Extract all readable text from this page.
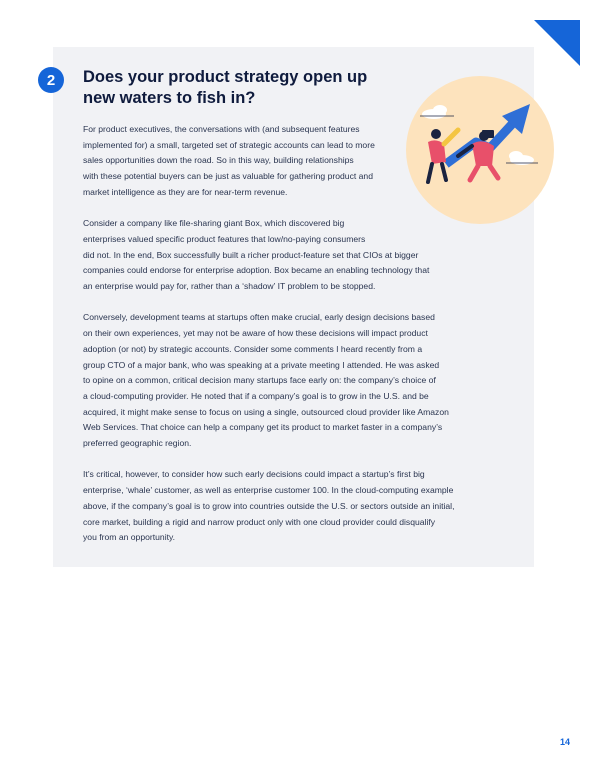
2	Does your product strategy open up
new waters to fish in?

For product executives, the conversations with (and subsequent features
implemented for) a small, targeted set of strategic accounts can lead to more
sales opportunities down the road. So in this way, building relationships
with these potential buyers can be just as valuable for gathering product and
market intelligence as they are for near-term revenue.

Consider a company like file-sharing giant Box, which discovered big
enterprises valued specific product features that low/no-paying consumers
did not. In the end, Box successfully built a richer product-feature set that CIOs at bigger
companies could endorse for enterprise adoption. Box became an enabling technology that
an enterprise would pay for, rather than a ‘shadow’ IT problem to be stopped.

Conversely, development teams at startups often make crucial, early design decisions based
on their own experiences, yet may not be aware of how these decisions will impact product
adoption (or not) by strategic accounts. Consider some comments I heard recently from a
group CTO of a major bank, who was speaking at a private meeting I attended. He was asked
to opine on a common, critical decision many startups face early on: the company’s choice of
a cloud-computing provider. He noted that if a company’s goal is to grow in the U.S. and be
acquired, it might make sense to focus on using a single, outsourced cloud provider like Amazon
Web Services. That choice can help a company get its product to market faster in a company’s
preferred geographic region.

It’s critical, however, to consider how such early decisions could impact a startup’s first big
enterprise, ‘whale’ customer, as well as enterprise customer 100. In the cloud-computing example
above, if the company’s goal is to grow into countries outside the U.S. or sectors outside an initial,
core market, building a rigid and narrow product only with one cloud provider could disqualify
you from an opportunity.

14
